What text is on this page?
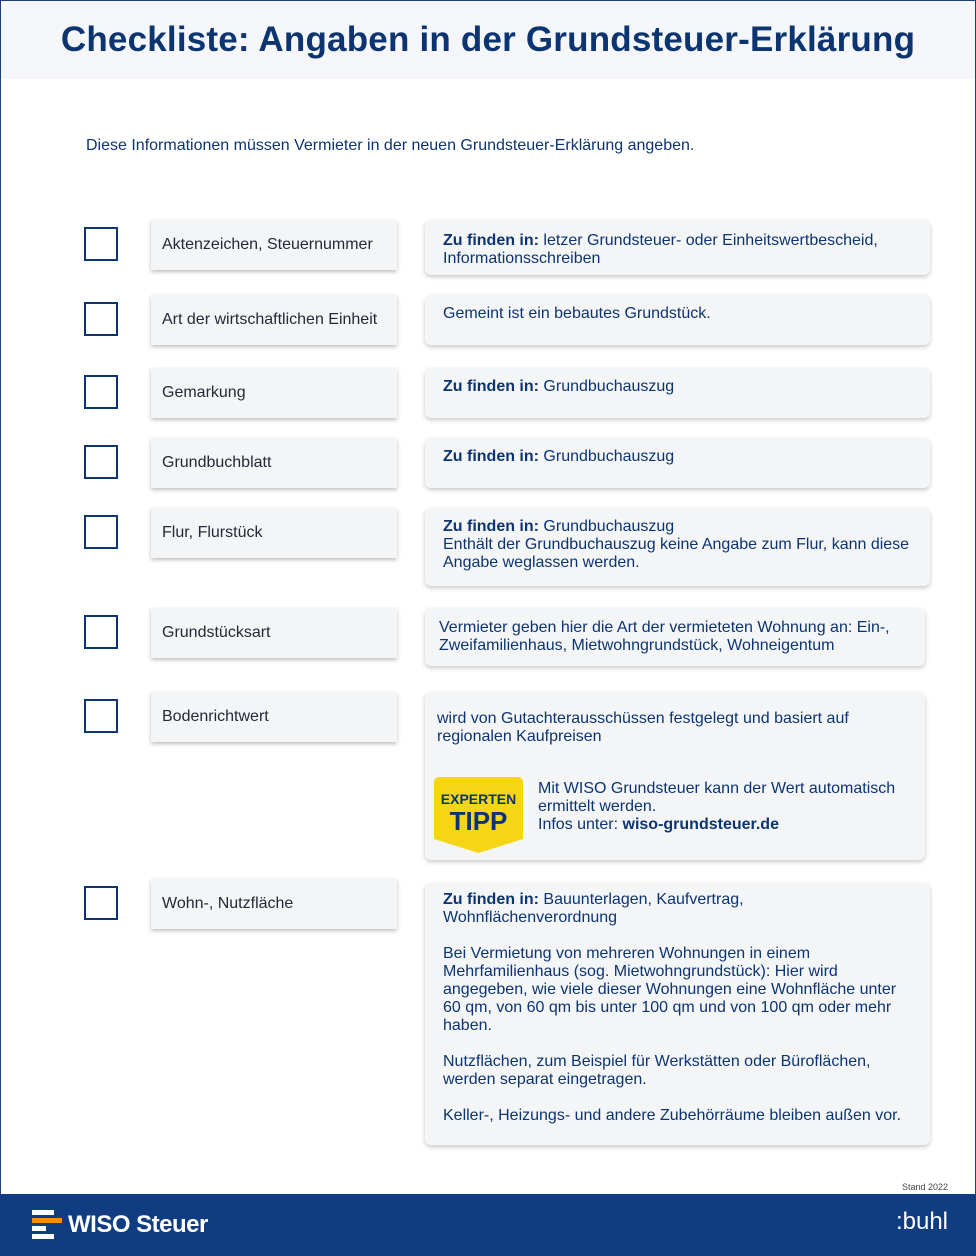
Checkliste: Angaben in der Grundsteuer-Erklärung
Diese Informationen müssen Vermieter in der neuen Grundsteuer-Erklärung angeben.
Aktenzeichen, Steuernummer	Zu finden in: letzer Grundsteuer- oder Einheitswertbescheid, Informationsschreiben
Art der wirtschaftlichen Einheit	Gemeint ist ein bebautes Grundstück.
Gemarkung	Zu finden in: Grundbuchauszug
Grundbuchblatt	Zu finden in: Grundbuchauszug
Flur, Flurstück	Zu finden in: Grundbuchauszug
Enthält der Grundbuchauszug keine Angabe zum Flur, kann diese Angabe weglassen werden.
Grundstücksart	Vermieter geben hier die Art der vermieteten Wohnung an: Ein-, Zweifamilienhaus, Mietwohngrundstück, Wohneigentum
Bodenrichtwert	wird von Gutachterausschüssen festgelegt und basiert auf regionalen Kaufpreisen
EXPERTEN
TIPP
Mit WISO Grundsteuer kann der Wert automatisch ermittelt werden.
Infos unter: wiso-grundsteuer.de
Wohn-, Nutzfläche	Zu finden in: Bauunterlagen, Kaufvertrag, Wohnflächenverordnung
Bei Vermietung von mehreren Wohnungen in einem Mehrfamilienhaus (sog. Mietwohngrundstück): Hier wird angegeben, wie viele dieser Wohnungen eine Wohnfläche unter 60 qm, von 60 qm bis unter 100 qm und von 100 qm oder mehr haben.
Nutzflächen, zum Beispiel für Werkstätten oder Büroflächen, werden separat eingetragen.
Keller-, Heizungs- und andere Zubehörräume bleiben außen vor.
Stand 2022
WISO Steuer	:buhl
